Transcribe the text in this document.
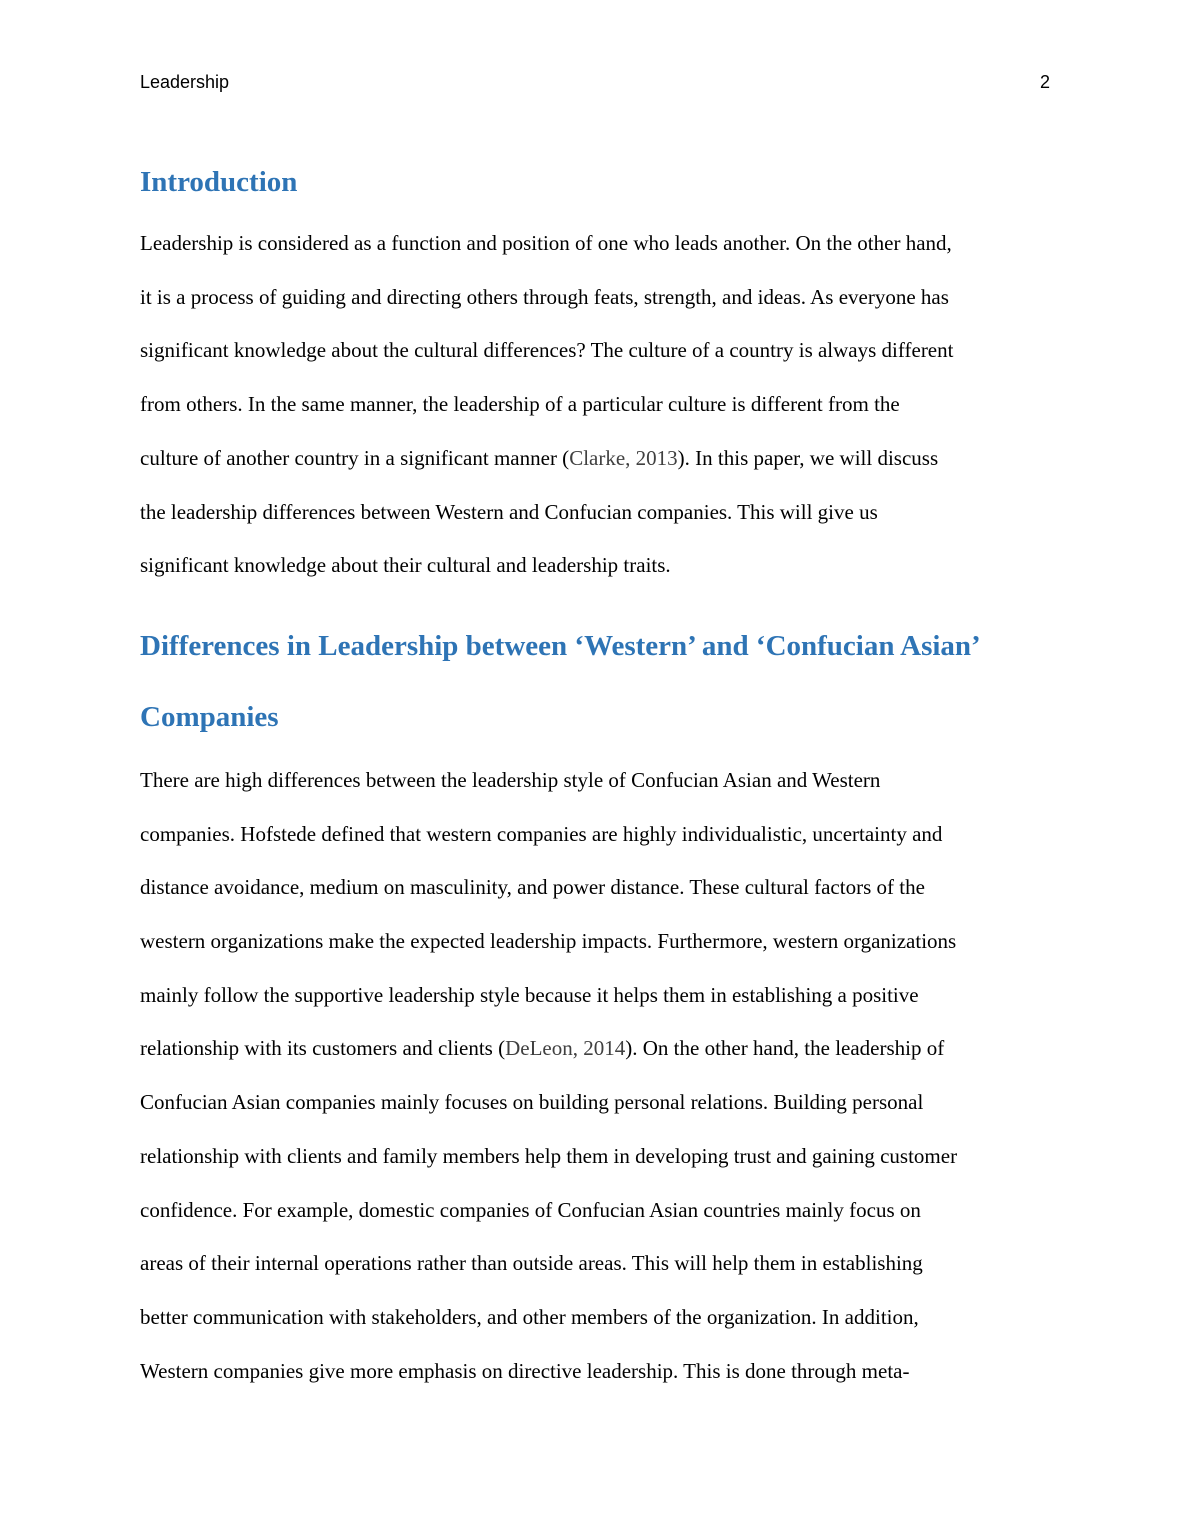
Leadership	2
Introduction

Leadership is considered as a function and position of one who leads another. On the other hand,
it is a process of guiding and directing others through feats, strength, and ideas. As everyone has
significant knowledge about the cultural differences? The culture of a country is always different
from others. In the same manner, the leadership of a particular culture is different from the
culture of another country in a significant manner (Clarke, 2013). In this paper, we will discuss
the leadership differences between Western and Confucian companies. This will give us
significant knowledge about their cultural and leadership traits.

Differences in Leadership between ‘Western’ and ‘Confucian Asian’
Companies

There are high differences between the leadership style of Confucian Asian and Western
companies. Hofstede defined that western companies are highly individualistic, uncertainty and
distance avoidance, medium on masculinity, and power distance. These cultural factors of the
western organizations make the expected leadership impacts. Furthermore, western organizations
mainly follow the supportive leadership style because it helps them in establishing a positive
relationship with its customers and clients (DeLeon, 2014). On the other hand, the leadership of
Confucian Asian companies mainly focuses on building personal relations. Building personal
relationship with clients and family members help them in developing trust and gaining customer
confidence. For example, domestic companies of Confucian Asian countries mainly focus on
areas of their internal operations rather than outside areas. This will help them in establishing
better communication with stakeholders, and other members of the organization. In addition,
Western companies give more emphasis on directive leadership. This is done through meta-
